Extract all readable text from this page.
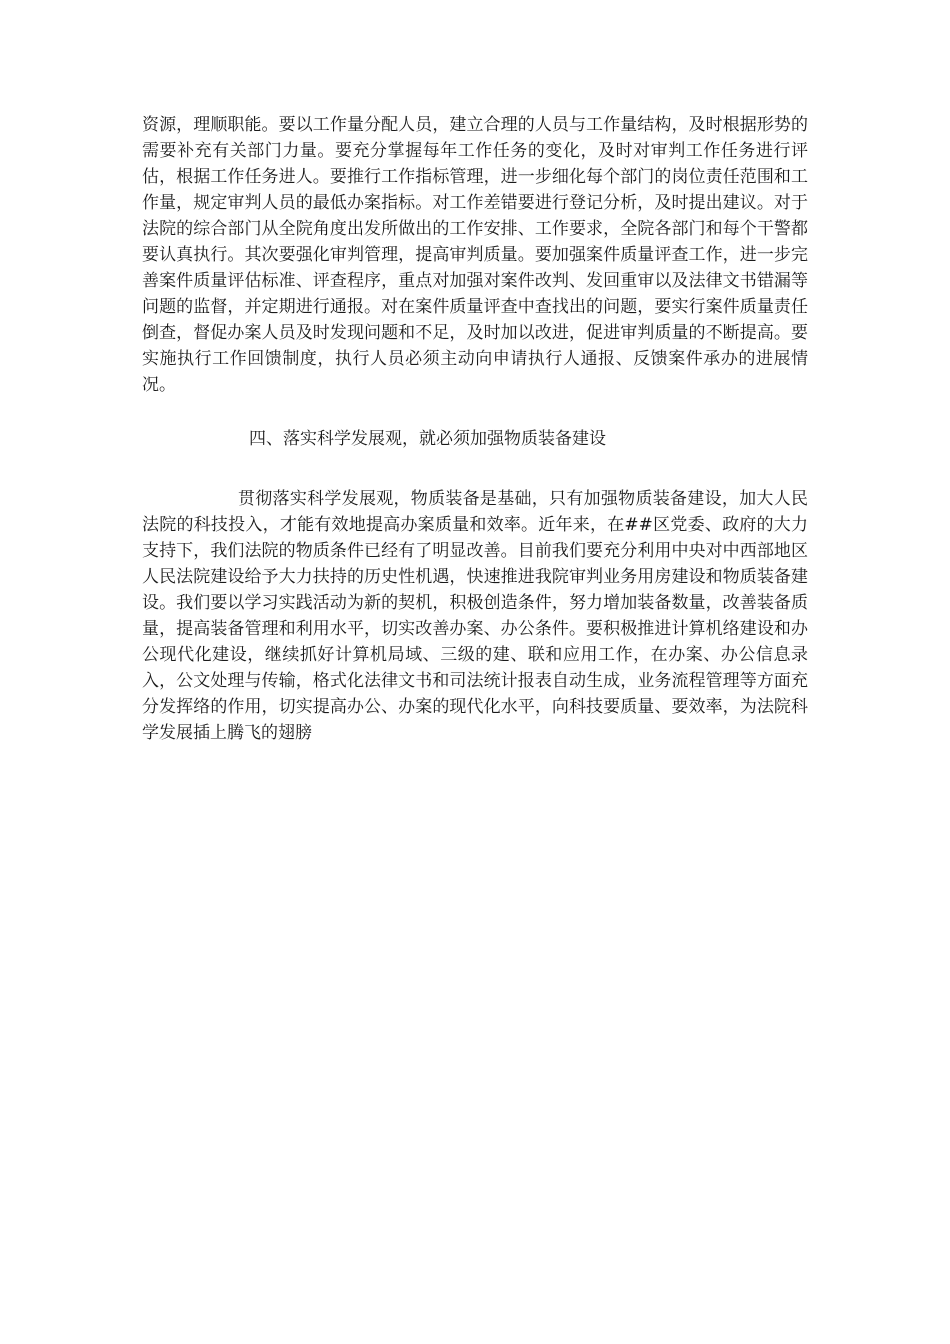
资源，理顺职能。要以工作量分配人员，建立合理的人员与工作量结构，及时根据形势的需要补充有关部门力量。要充分掌握每年工作任务的变化，及时对审判工作任务进行评估，根据工作任务进人。要推行工作指标管理，进一步细化每个部门的岗位责任范围和工作量，规定审判人员的最低办案指标。对工作差错要进行登记分析，及时提出建议。对于法院的综合部门从全院角度出发所做出的工作安排、工作要求，全院各部门和每个干警都要认真执行。其次要强化审判管理，提高审判质量。要加强案件质量评查工作，进一步完善案件质量评估标准、评查程序，重点对加强对案件改判、发回重审以及法律文书错漏等问题的监督，并定期进行通报。对在案件质量评查中查找出的问题，要实行案件质量责任倒查，督促办案人员及时发现问题和不足，及时加以改进，促进审判质量的不断提高。要实施执行工作回馈制度，执行人员必须主动向申请执行人通报、反馈案件承办的进展情况。

四、落实科学发展观，就必须加强物质装备建设

贯彻落实科学发展观，物质装备是基础，只有加强物质装备建设，加大人民法院的科技投入，才能有效地提高办案质量和效率。近年来，在##区党委、政府的大力支持下，我们法院的物质条件已经有了明显改善。目前我们要充分利用中央对中西部地区人民法院建设给予大力扶持的历史性机遇，快速推进我院审判业务用房建设和物质装备建设。我们要以学习实践活动为新的契机，积极创造条件，努力增加装备数量，改善装备质量，提高装备管理和利用水平，切实改善办案、办公条件。要积极推进计算机络建设和办公现代化建设，继续抓好计算机局域、三级的建、联和应用工作，在办案、办公信息录入，公文处理与传输，格式化法律文书和司法统计报表自动生成，业务流程管理等方面充分发挥络的作用，切实提高办公、办案的现代化水平，向科技要质量、要效率，为法院科学发展插上腾飞的翅膀
